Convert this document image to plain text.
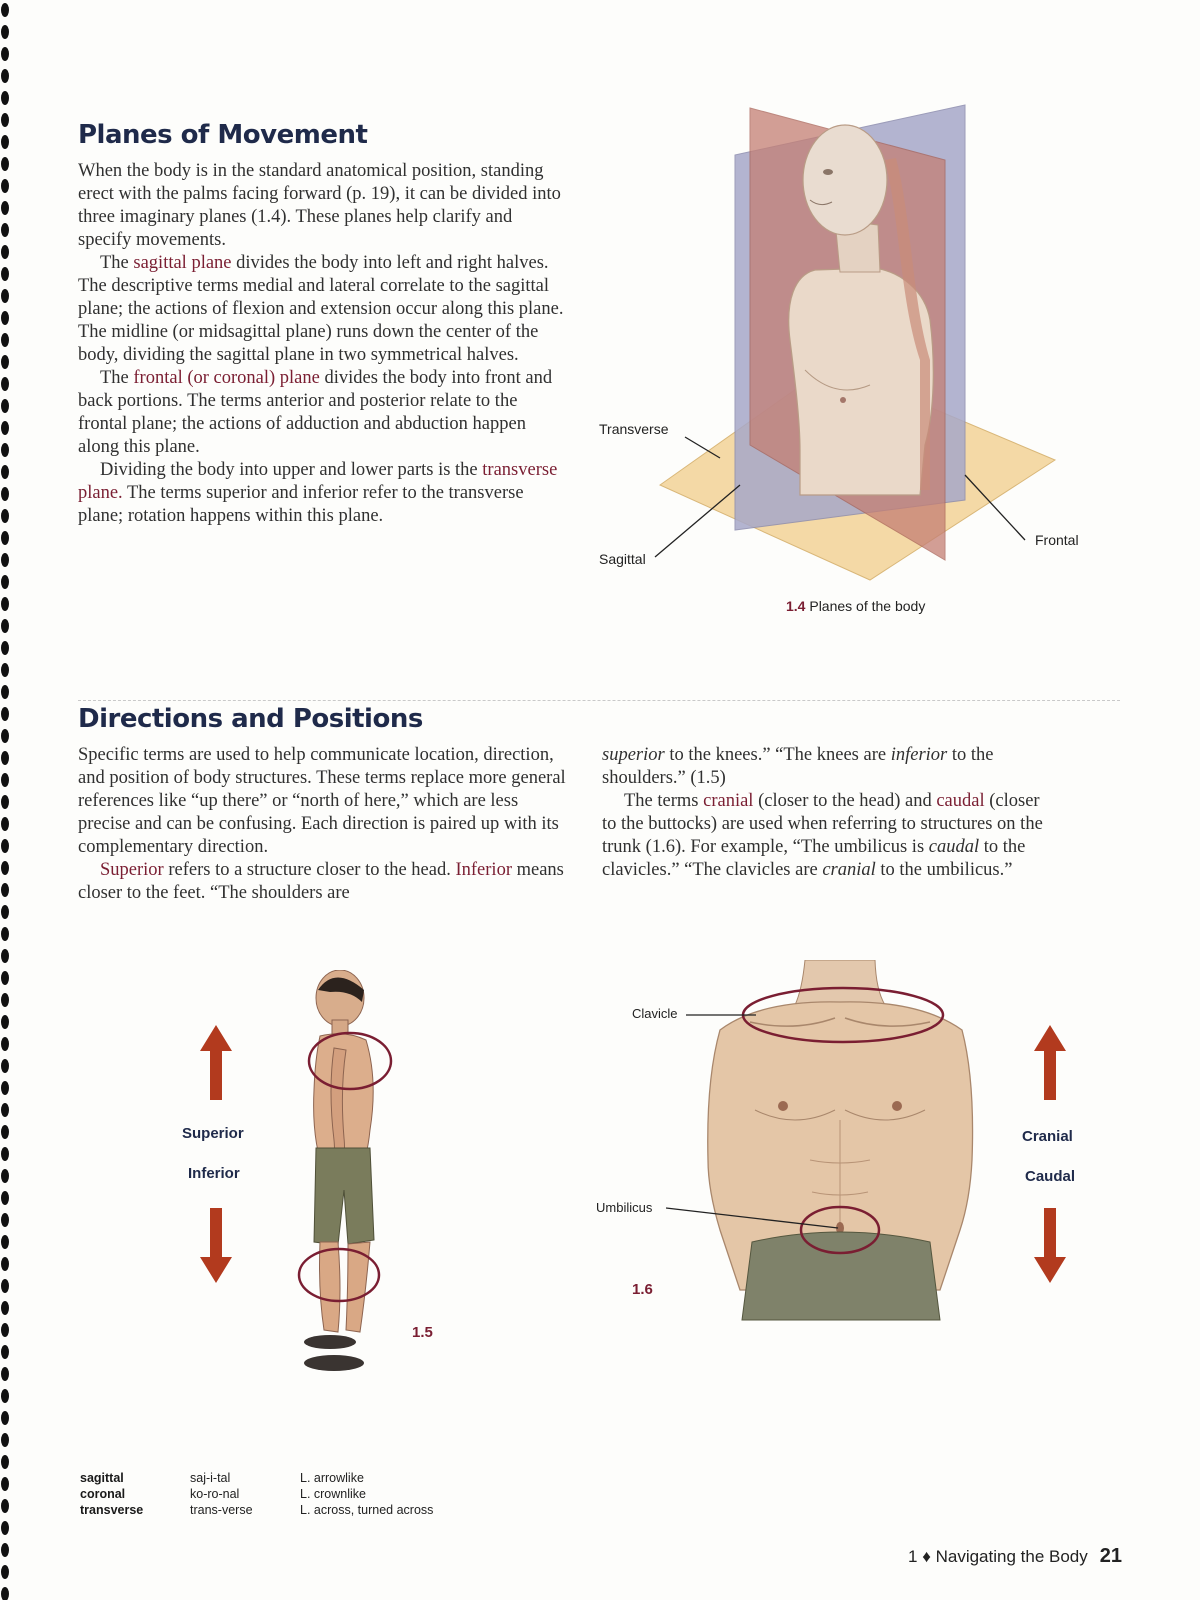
Planes of Movement

When the body is in the standard anatomical position, standing erect with the palms facing forward (p. 19), it can be divided into three imaginary planes (1.4). These planes help clarify and specify movements.

The sagittal plane divides the body into left and right halves. The descriptive terms medial and lateral correlate to the sagittal plane; the actions of flexion and extension occur along this plane. The midline (or midsagittal plane) runs down the center of the body, dividing the sagittal plane in two symmetrical halves.

The frontal (or coronal) plane divides the body into front and back portions. The terms anterior and posterior relate to the frontal plane; the actions of adduction and abduction happen along this plane.

Dividing the body into upper and lower parts is the transverse plane. The terms superior and inferior refer to the transverse plane; rotation happens within this plane.

Transverse
Sagittal
Frontal
1.4 Planes of the body
Directions and Positions

Specific terms are used to help communicate location, direction, and position of body structures. These terms replace more general references like “up there” or “north of here,” which are less precise and can be confusing. Each direction is paired up with its complementary direction.

Superior refers to a structure closer to the head. Inferior means closer to the feet. “The shoulders are

superior to the knees.” “The knees are inferior to the shoulders.” (1.5)

The terms cranial (closer to the head) and caudal (closer to the buttocks) are used when referring to structures on the trunk (1.6). For example, “The umbilicus is caudal to the clavicles.” “The clavicles are cranial to the umbilicus.”

Superior
Inferior
1.5
Clavicle
Umbilicus
Cranial
Caudal
1.6
sagittal
coronal
transverse
saj-i-tal
ko-ro-nal
trans-verse
L. arrowlike
L. crownlike
L. across, turned across
1 ♦ Navigating the Body 21
